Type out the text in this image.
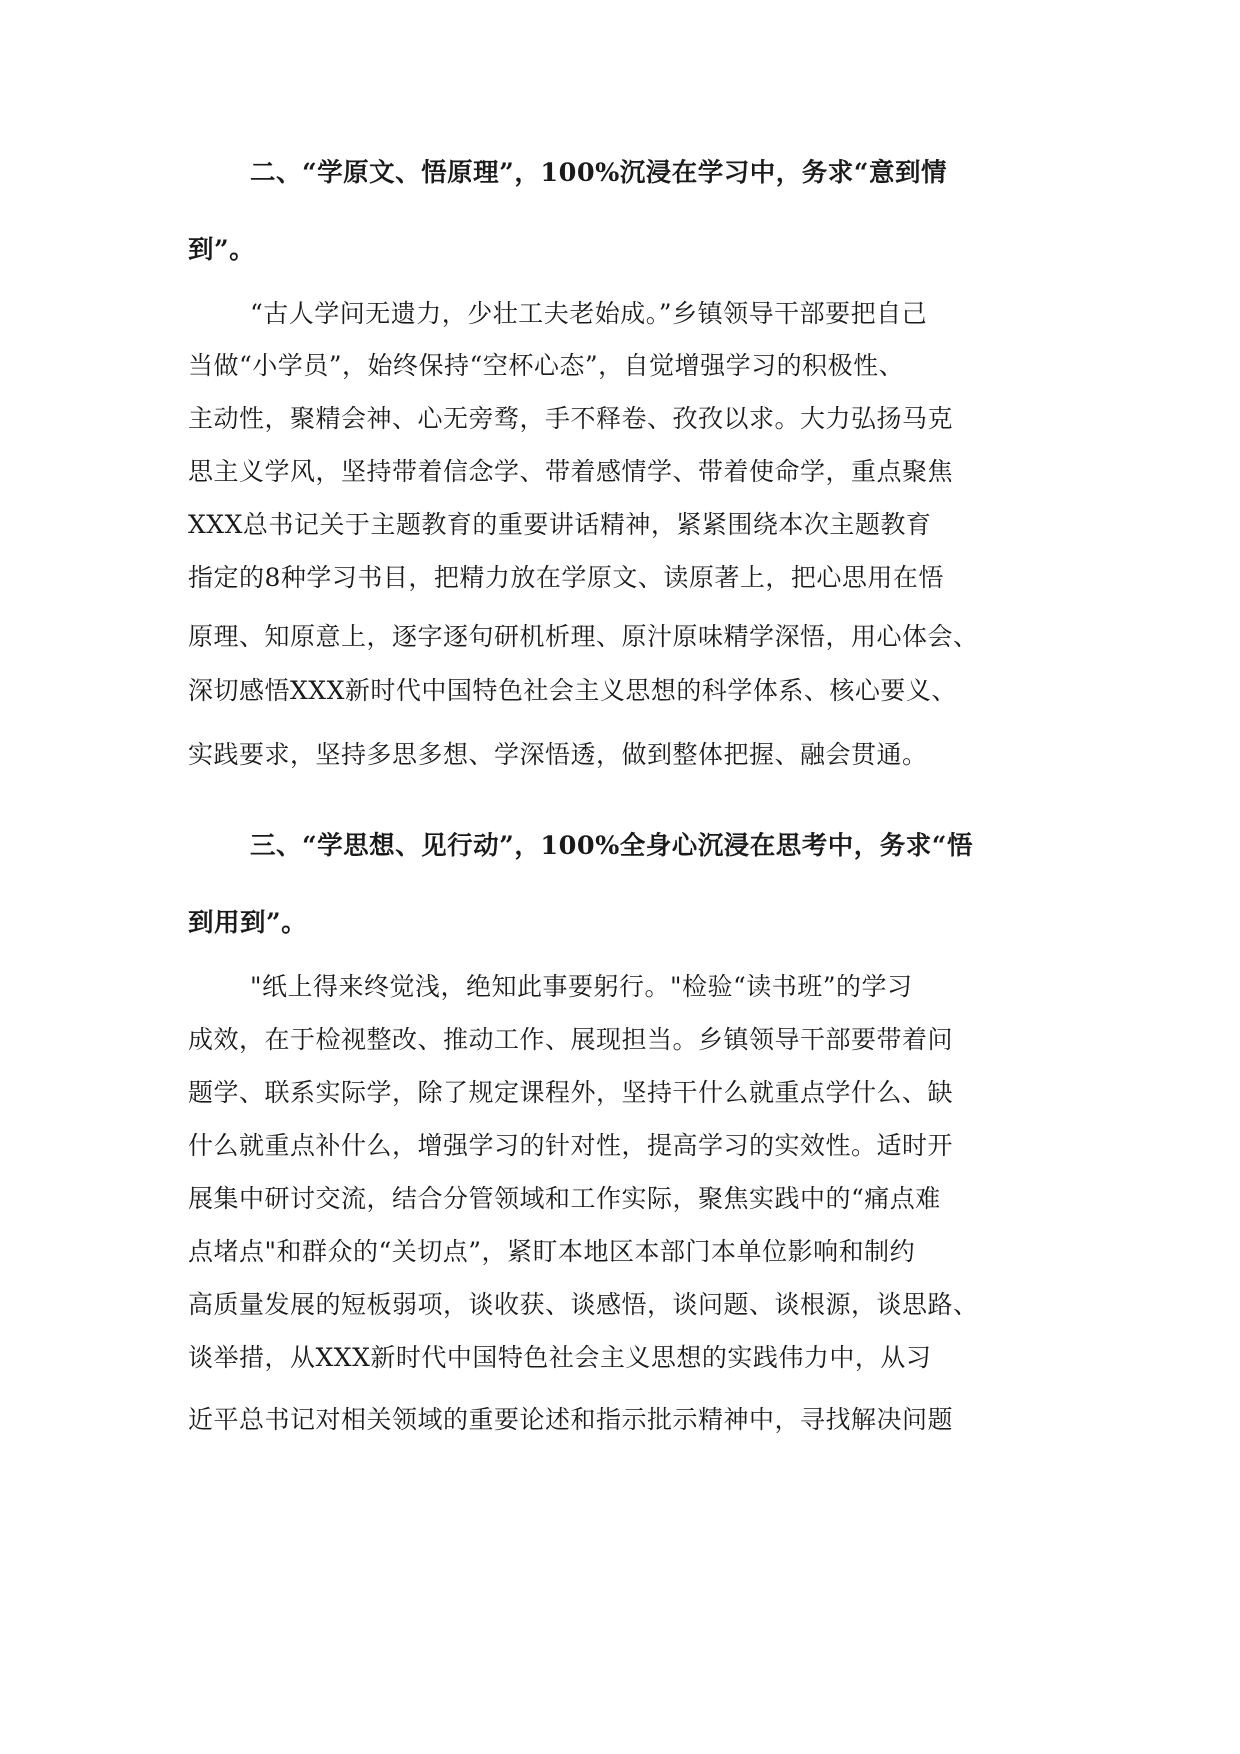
二、“学原文、悟原理”，100%沉浸在学习中，务求“意到情

到”。

“古人学问无遗力，少壮工夫老始成。”乡镇领导干部要把自己

当做“小学员”，始终保持“空杯心态”，自觉增强学习的积极性、

主动性，聚精会神、心无旁骛，手不释卷、孜孜以求。大力弘扬马克

思主义学风，坚持带着信念学、带着感情学、带着使命学，重点聚焦

XXX总书记关于主题教育的重要讲话精神，紧紧围绕本次主题教育

指定的8种学习书目，把精力放在学原文、读原著上，把心思用在悟

原理、知原意上，逐字逐句研机析理、原汁原味精学深悟，用心体会、

深切感悟XXX新时代中国特色社会主义思想的科学体系、核心要义、

实践要求，坚持多思多想、学深悟透，做到整体把握、融会贯通。

三、“学思想、见行动”，100%全身心沉浸在思考中，务求“悟

到用到”。

"纸上得来终觉浅，绝知此事要躬行。"检验“读书班”的学习

成效，在于检视整改、推动工作、展现担当。乡镇领导干部要带着问

题学、联系实际学，除了规定课程外，坚持干什么就重点学什么、缺

什么就重点补什么，增强学习的针对性，提高学习的实效性。适时开

展集中研讨交流，结合分管领域和工作实际，聚焦实践中的“痛点难

点堵点"和群众的“关切点”，紧盯本地区本部门本单位影响和制约

高质量发展的短板弱项，谈收获、谈感悟，谈问题、谈根源，谈思路、

谈举措，从XXX新时代中国特色社会主义思想的实践伟力中，从习

近平总书记对相关领域的重要论述和指示批示精神中，寻找解决问题
